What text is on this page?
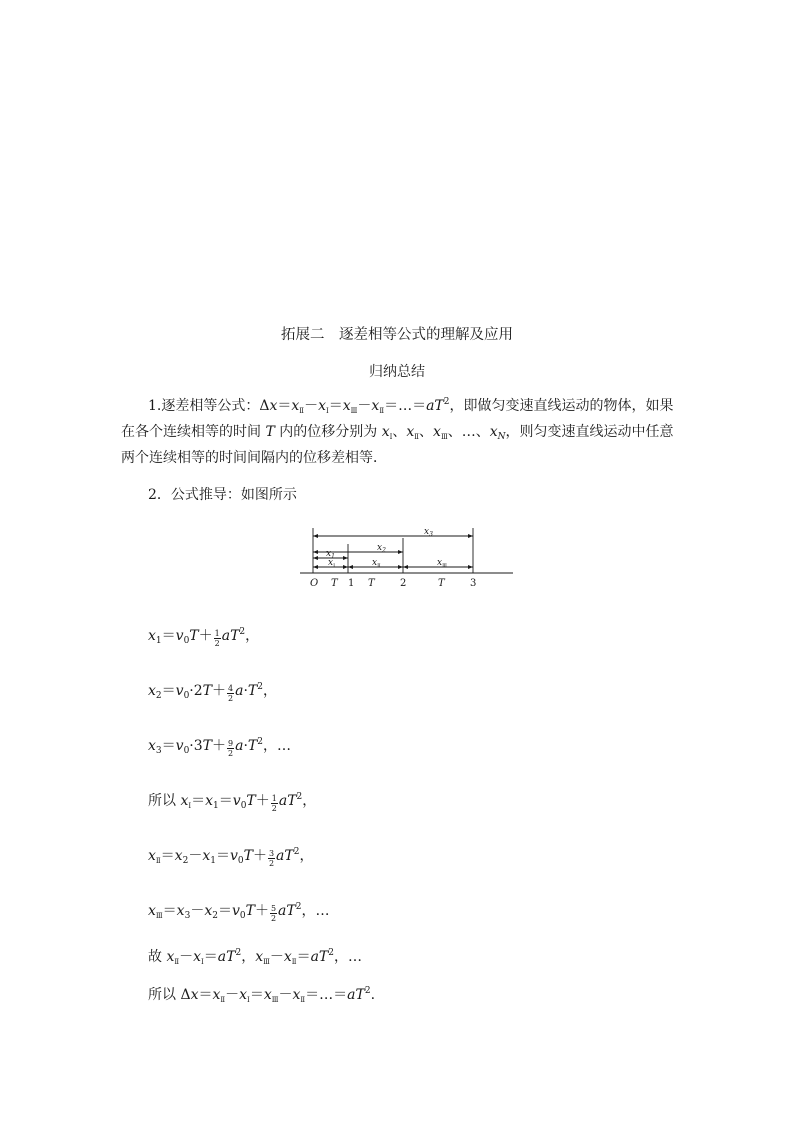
拓展二　逐差相等公式的理解及应用
归纳总结
1.逐差相等公式：$\Delta x=x_Ⅱ-x_Ⅰ=x_Ⅲ-x_Ⅱ=\dots=aT^2$，即做匀变速直线运动的物体，如果
在各个连续相等的时间 T 内的位移分别为 $x_Ⅰ$、$x_Ⅱ$、$x_Ⅲ$、…、$x_N$，则匀变速直线运动中任意
两个连续相等的时间间隔内的位移差相等．
2．公式推导：如图所示
$x_3$
$x_2$
$x_1$
$x_Ⅰ$	$x_Ⅱ$	$x_Ⅲ$
O T 1 T	2	T	3
$x_1=v_0T+ \frac{1}{2} aT^2$，
$x_2=v_0\cdot 2T+ \frac{4}{2} a\cdot T^2$，
$x_3=v_0\cdot 3T+ \frac{9}{2} a\cdot T^2$，…
所以 $x_Ⅰ=x_1=v_0T+ \frac{1}{2} aT^2$，
$x_Ⅱ=x_2-x_1=v_0T+ \frac{3}{2} aT^2$，
$x_Ⅲ=x_3-x_2=v_0T+ \frac{5}{2} aT^2$，…
故 $x_Ⅱ-x_Ⅰ=aT^2$，$x_Ⅲ-x_Ⅱ=aT^2$，…
所以 $\Delta x=x_Ⅱ-x_Ⅰ=x_Ⅲ-x_Ⅱ=\dots=aT^2$.
